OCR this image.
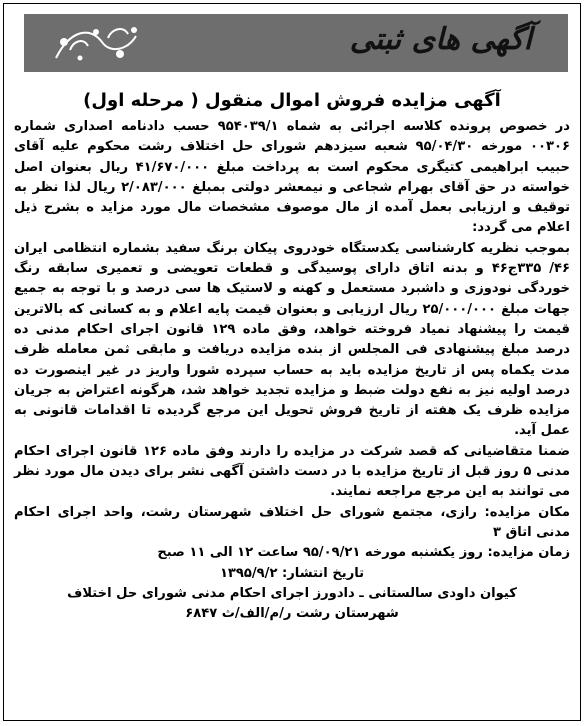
آگهی های ثبتی
آگهی مزایده فروش اموال منقول ( مرحله اول)

در خصوص پرونده کلاسه اجرائی به شماه ۹۵۴۰۳۹/۱ حسب دادنامه اصداری شماره ۰۰۳۰۶ مورخه ۹۵/۰۴/۳۰ شعبه سیزدهم شورای حل اختلاف رشت محکوم علیه آقای حبیب ابراهیمی کتیگری محکوم است به پرداخت مبلغ ۴۱/۶۷۰/۰۰۰ ریال بعنوان اصل خواسته در حق آقای بهرام شجاعی و نیمعشر دولتی بمبلغ ۲/۰۸۳/۰۰۰ ریال لذا نظر به توقیف و ارزیابی بعمل آمده از مال موصوف مشخصات مال مورد مزاید ه بشرح ذیل اعلام می گردد:

بموجب نظریه کارشناسی یکدستگاه خودروی پیکان برنگ سفید بشماره انتظامی ایران ۴۶/ ۳۳۵ج۴۶ و بدنه اتاق دارای پوسیدگی و قطعات تعویضی و تعمیری سابقه رنگ خوردگی نودوزی و داشبرد مستعمل و کهنه و لاستیک ها سی درصد و با توجه به جمیع جهات مبلغ ۲۵/۰۰۰/۰۰۰ ریال ارزیابی و بعنوان قیمت پایه اعلام و به کسانی که بالاترین قیمت را پیشنهاد نمیاد فروخته خواهد، وفق ماده ۱۲۹ قانون اجرای احکام مدنی ده درصد مبلغ پیشنهادی فی المجلس از بنده مزایده دریافت و مابقی ثمن معامله ظرف مدت یکماه پس از تاریخ مزایده باید به حساب سپرده شورا واریز در غیر اینصورت ده درصد اولیه نیز به نفع دولت ضبط و مزایده تجدید خواهد شد، هرگونه اعتراض به جریان مزایده ظرف یک هفته از تاریخ فروش تحویل این مرجع گردیده تا اقدامات قانونی به عمل آید.

ضمنا متقاضیانی که قصد شرکت در مزایده را دارند وفق ماده ۱۲۶ قانون اجرای احکام مدنی ۵ روز قبل از تاریخ مزایده با در دست داشتن آگهی نشر برای دیدن مال مورد نظر می توانند به این مرجع مراجعه نمایند.

مکان مزایده: رازی، مجتمع شورای حل اختلاف شهرستان رشت، واحد اجرای احکام مدنی اتاق ۳

زمان مزایده: روز یکشنبه مورخه ۹۵/۰۹/۲۱ ساعت ۱۲ الی ۱۱ صبح

تاریخ انتشار: ۱۳۹۵/۹/۲

کیوان داودی سالستانی ـ دادورز اجرای احکام مدنی شورای حل اختلاف

شهرستان رشت ر/م/الف/ث ۶۸۴۷
